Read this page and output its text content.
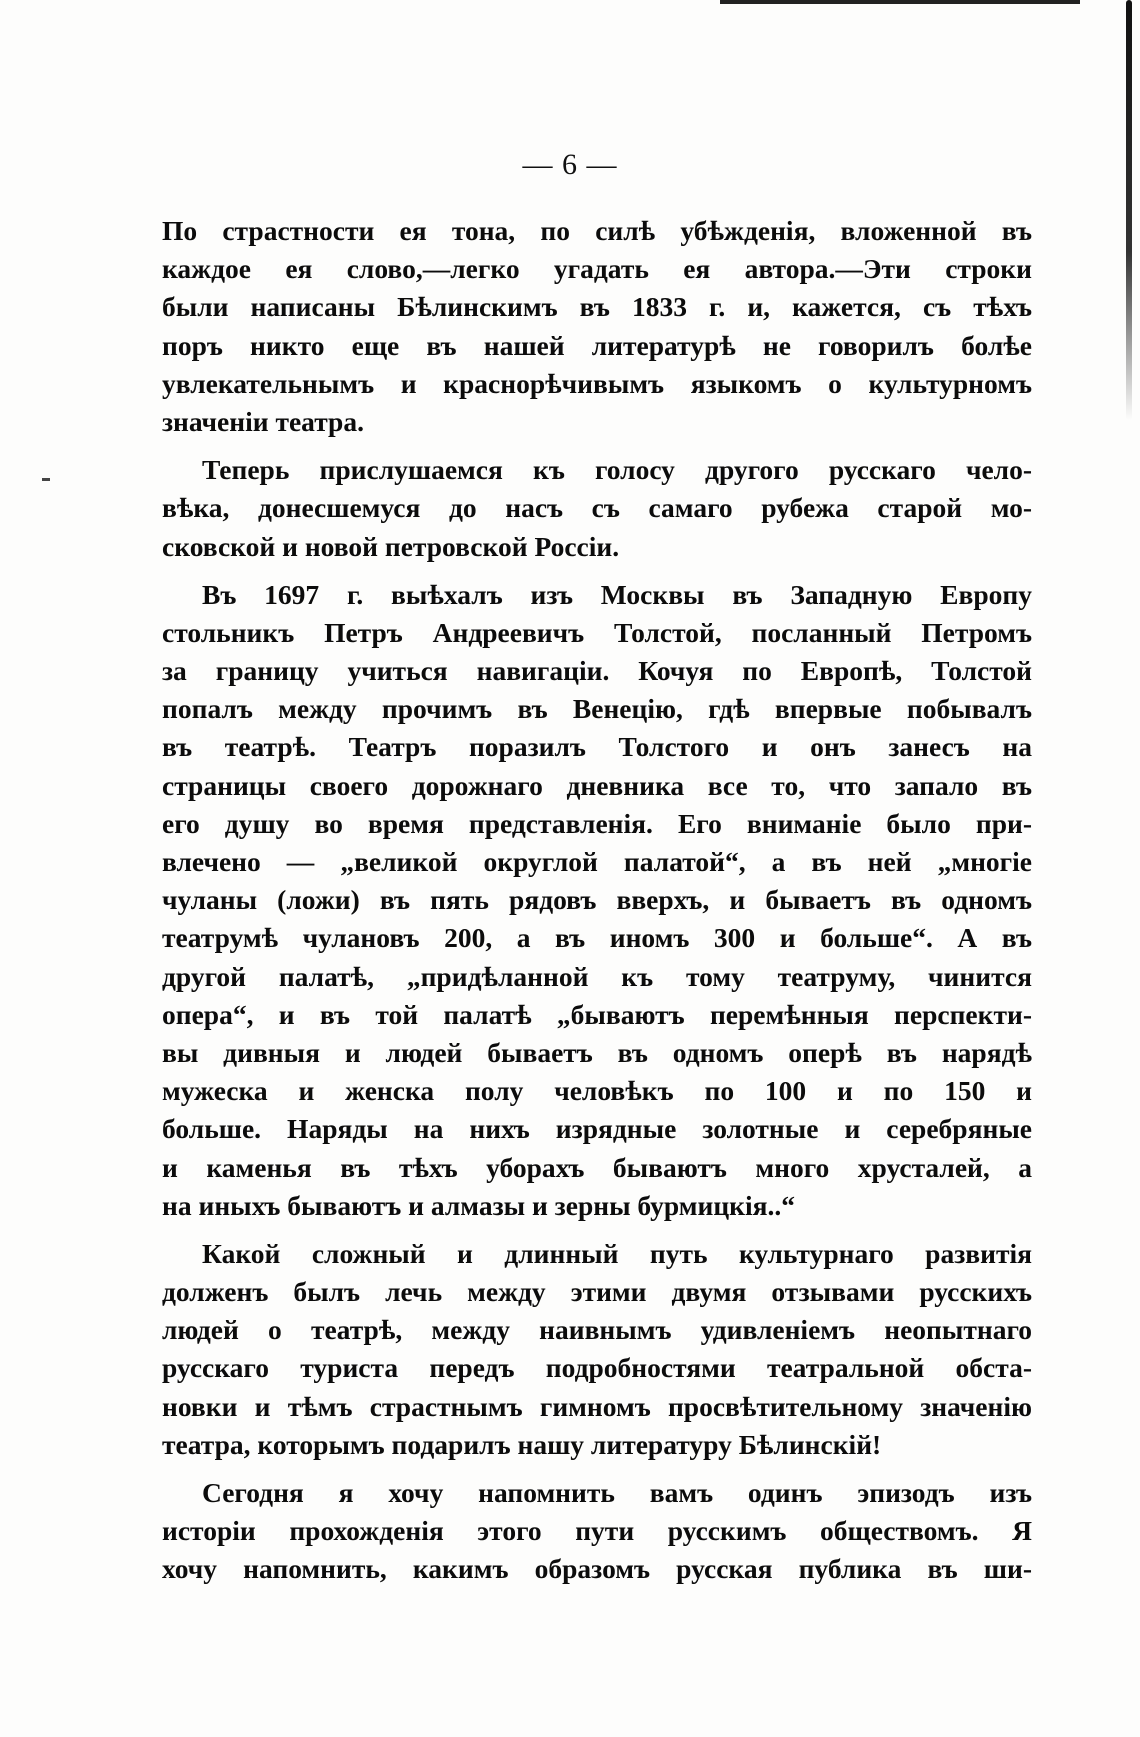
— 6 —
По страстности ея тона, по силѣ убѣжденія, вложенной въ
каждое ея слово,—легко угадать ея автора.—Эти строки
были написаны Бѣлинскимъ въ 1833 г. и, кажется, съ тѣхъ
поръ никто еще въ нашей литературѣ не говорилъ болѣе
увлекательнымъ и краснорѣчивымъ языкомъ о культурномъ
значеніи театра.
Теперь прислушаемся къ голосу другого русскаго чело-
вѣка, донесшемуся до насъ съ самаго рубежа старой мо-
сковской и новой петровской Россіи.
Въ 1697 г. выѣхалъ изъ Москвы въ Западную Европу
стольникъ Петръ Андреевичъ Толстой, посланный Петромъ
за границу учиться навигаціи. Кочуя по Европѣ, Толстой
попалъ между прочимъ въ Венецію, гдѣ впервые побывалъ
въ театрѣ. Театръ поразилъ Толстого и онъ занесъ на
страницы своего дорожнаго дневника все то, что запало въ
его душу во время представленія. Его вниманіе было при-
влечено — „великой округлой палатой“, а въ ней „многіе
чуланы (ложи) въ пять рядовъ вверхъ, и бываетъ въ одномъ
театрумѣ чулановъ 200, а въ иномъ 300 и больше“. А въ
другой палатѣ, „придѣланной къ тому театруму, чинится
опера“, и въ той палатѣ „бываютъ перемѣнныя перспекти-
вы дивныя и людей бываетъ въ одномъ оперѣ въ нарядѣ
мужеска и женска полу человѣкъ по 100 и по 150 и
больше. Наряды на нихъ изрядные золотные и серебряные
и каменья въ тѣхъ уборахъ бываютъ много хрусталей, а
на иныхъ бываютъ и алмазы и зерны бурмицкія..“
Какой сложный и длинный путь культурнаго развитія
долженъ былъ лечь между этими двумя отзывами русскихъ
людей о театрѣ, между наивнымъ удивленіемъ неопытнаго
русскаго туриста передъ подробностями театральной обста-
новки и тѣмъ страстнымъ гимномъ просвѣтительному значенію
театра, которымъ подарилъ нашу литературу Бѣлинскій!
Сегодня я хочу напомнить вамъ одинъ эпизодъ изъ
исторіи прохожденія этого пути русскимъ обществомъ. Я
хочу напомнить, какимъ образомъ русская публика въ ши-
